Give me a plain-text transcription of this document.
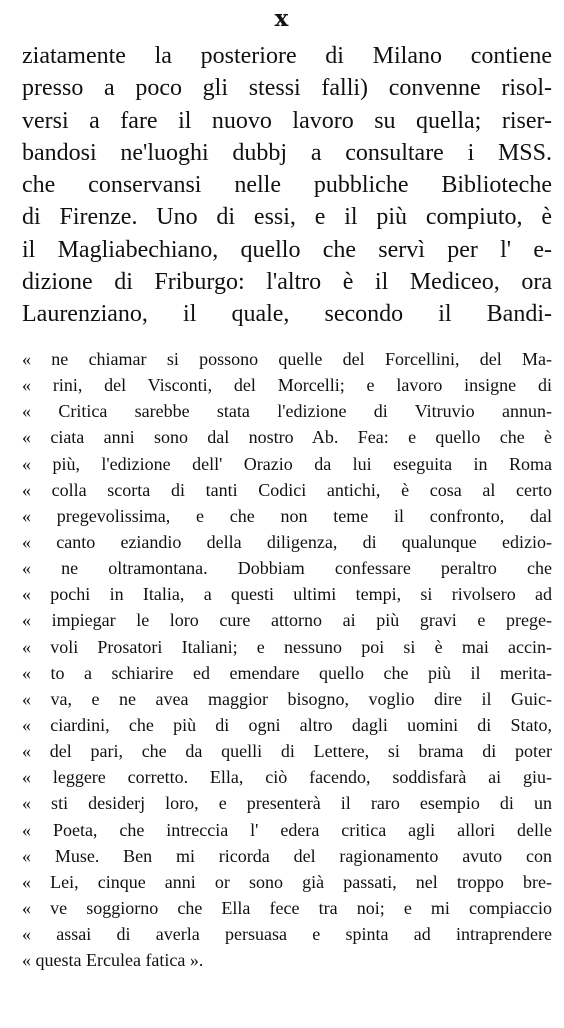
x
ziatamente la posteriore di Milano contiene
presso a poco gli stessi falli) convenne risol-
versi a fare il nuovo lavoro su quella; riser-
bandosi ne'luoghi dubbj a consultare i MSS.
che conservansi nelle pubbliche Biblioteche
di Firenze. Uno di essi, e il più compiuto, è
il Magliabechiano, quello che servì per l' e-
dizione di Friburgo: l'altro è il Mediceo, ora
Laurenziano, il quale, secondo il Bandi-
« ne chiamar si possono quelle del Forcellini, del Ma-
« rini, del Visconti, del Morcelli; e lavoro insigne di
« Critica sarebbe stata l'edizione di Vitruvio annun-
« ciata anni sono dal nostro Ab. Fea: e quello che è
« più, l'edizione dell' Orazio da lui eseguita in Roma
« colla scorta di tanti Codici antichi, è cosa al certo
« pregevolissima, e che non teme il confronto, dal
« canto eziandio della diligenza, di qualunque edizio-
« ne oltramontana. Dobbiam confessare peraltro che
« pochi in Italia, a questi ultimi tempi, si rivolsero ad
« impiegar le loro cure attorno ai più gravi e prege-
« voli Prosatori Italiani; e nessuno poi si è mai accin-
« to a schiarire ed emendare quello che più il merita-
« va, e ne avea maggior bisogno, voglio dire il Guic-
« ciardini, che più di ogni altro dagli uomini di Stato,
« del pari, che da quelli di Lettere, si brama di poter
« leggere corretto. Ella, ciò facendo, soddisfarà ai giu-
« sti desiderj loro, e presenterà il raro esempio di un
« Poeta, che intreccia l' edera critica agli allori delle
« Muse. Ben mi ricorda del ragionamento avuto con
« Lei, cinque anni or sono già passati, nel troppo bre-
« ve soggiorno che Ella fece tra noi; e mi compiaccio
« assai di averla persuasa e spinta ad intraprendere
« questa Erculea fatica ».
